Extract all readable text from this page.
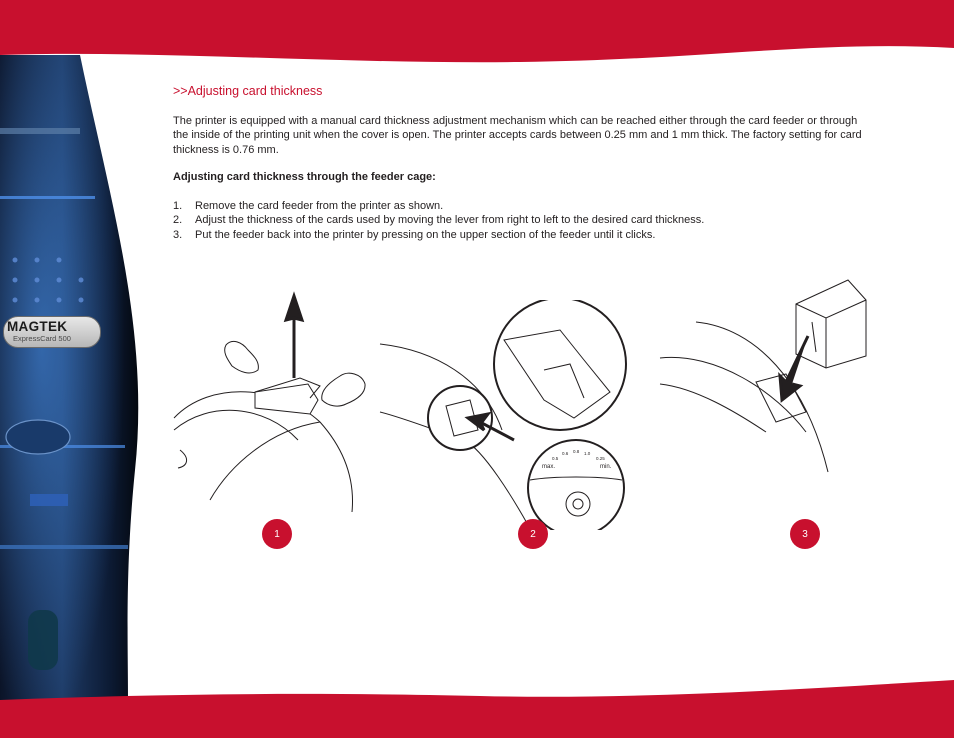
MAGTEK
ExpressCard 500
>>Adjusting card thickness

The printer is equipped with a manual card thickness adjustment mechanism which can be reached either through the card feeder or through the inside of the printing unit when the cover is open. The printer accepts cards between 0.25 mm and 1 mm thick. The factory setting for card thickness is 0.76 mm.

Adjusting card thickness through the feeder cage:

1. Remove the card feeder from the printer as shown.
2. Adjust the thickness of the cards used by moving the lever from right to left to the desired card thickness.
3. Put the feeder back into the printer by pressing on the upper section of the feeder until it clicks.
max.	min.
0.5
0.6 0.8 1.0
0.25
1	2	3
